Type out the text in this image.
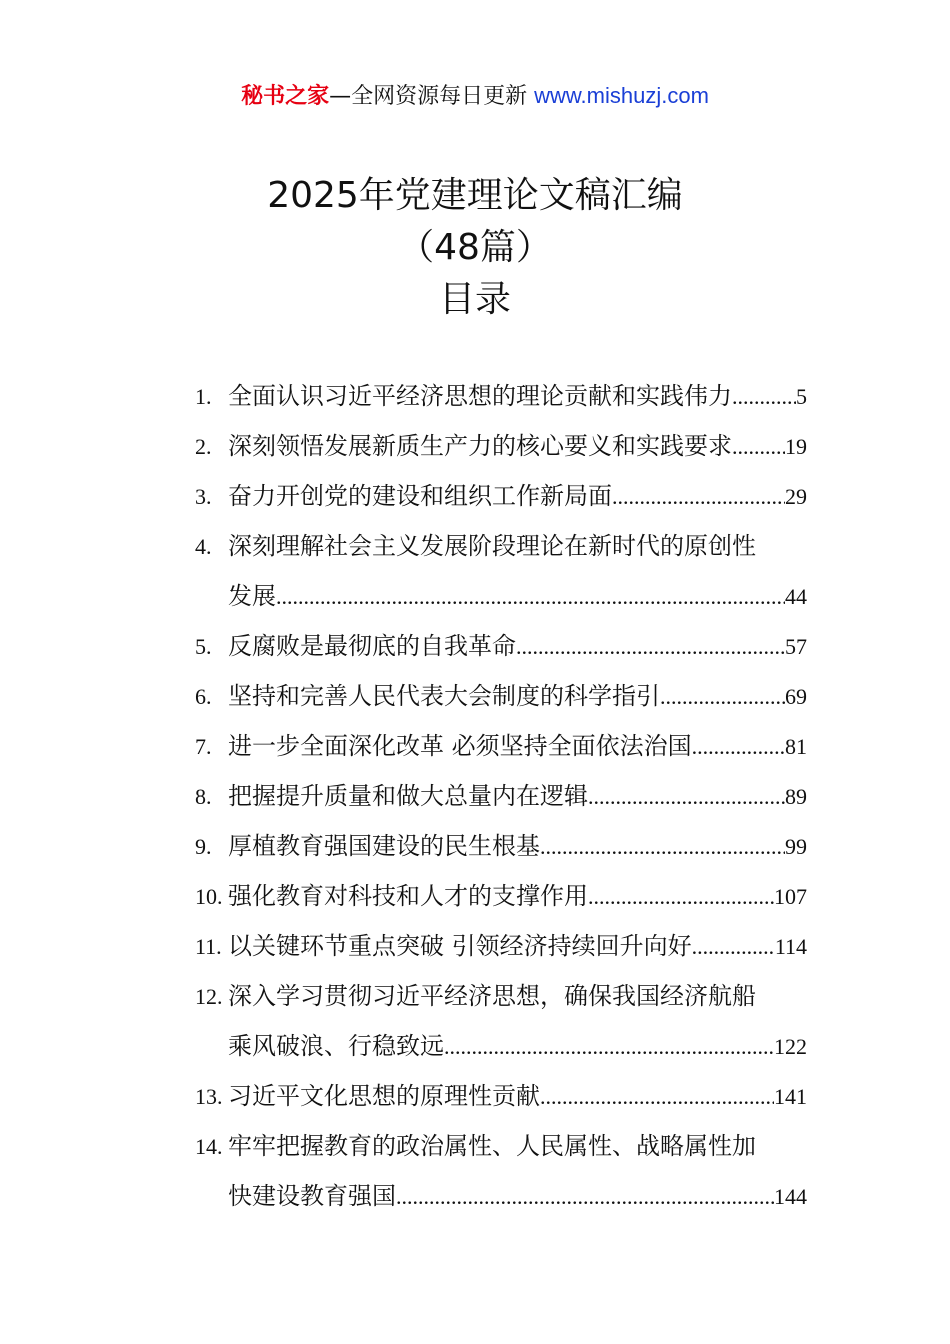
秘书之家—全网资源每日更新 www.mishuzj.com
2025年党建理论文稿汇编
（48篇）
目录
1. 全面认识习近平经济思想的理论贡献和实践伟力 .....	5
2. 深刻领悟发展新质生产力的核心要义和实践要求 ..... 19
3. 奋力开创党的建设和组织工作新局面 .....	29
4. 深刻理解社会主义发展阶段理论在新时代的原创性
发展 .....	44
5. 反腐败是最彻底的自我革命 .....	57
6. 坚持和完善人民代表大会制度的科学指引 .....	69
7. 进一步全面深化改革 必须坚持全面依法治国 .....	81
8. 把握提升质量和做大总量内在逻辑 .....	89
9. 厚植教育强国建设的民生根基 .....	99
10. 强化教育对科技和人才的支撑作用 .....	107
11. 以关键环节重点突破 引领经济持续回升向好 .....	114
12. 深入学习贯彻习近平经济思想，确保我国经济航船
乘风破浪、行稳致远 .....	122
13. 习近平文化思想的原理性贡献 .....	141
14. 牢牢把握教育的政治属性、人民属性、战略属性加
快建设教育强国 .....	144
